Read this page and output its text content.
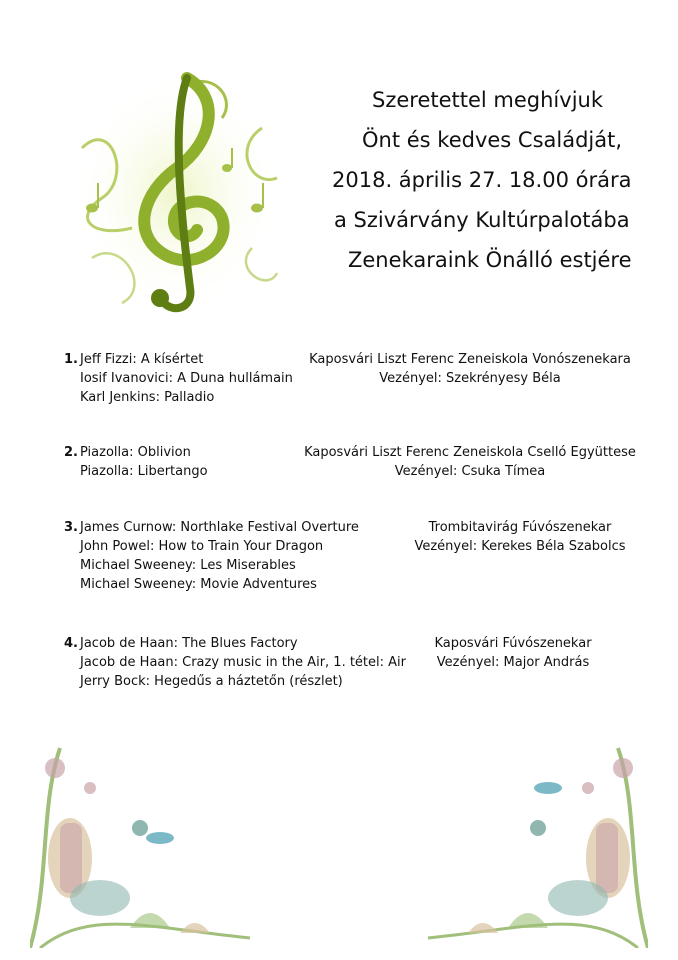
Szeretettel meghívjuk
Önt és kedves Családját,
2018. április 27. 18.00 órára
a Szivárvány Kultúrpalotába
Zenekaraink Önálló estjére
1. Jeff Fizzi: A kísértet
Iosif Ivanovici: A Duna hullámain
Karl Jenkins: Palladio
Kaposvári Liszt Ferenc Zeneiskola Vonószenekara
Vezényel: Szekrényesy Béla
2. Piazolla: Oblivion
Piazolla: Libertango
Kaposvári Liszt Ferenc Zeneiskola Cselló Együttese
Vezényel: Csuka Tímea
3. James Curnow: Northlake Festival Overture
John Powel: How to Train Your Dragon
Michael Sweeney: Les Miserables
Michael Sweeney: Movie Adventures
Trombitavirág Fúvószenekar
Vezényel: Kerekes Béla Szabolcs
4. Jacob de Haan: The Blues Factory
Jacob de Haan: Crazy music in the Air, 1. tétel: Air
Jerry Bock: Hegedűs a háztetőn (részlet)
Kaposvári Fúvószenekar
Vezényel: Major András
